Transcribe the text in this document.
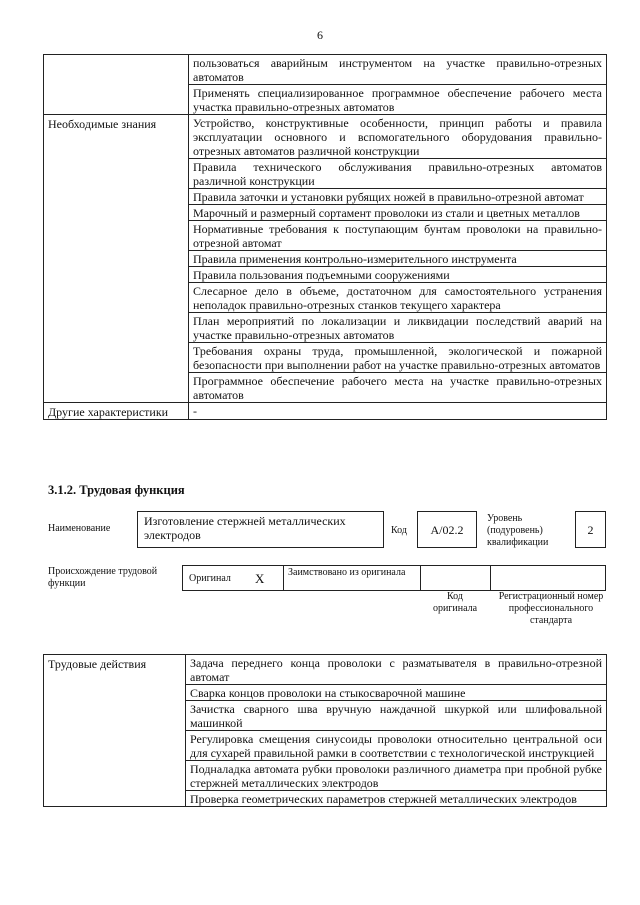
6
	пользоваться аварийным инструментом на участке правильно-отрезных автоматов
	Применять специализированное программное обеспечение рабочего места участка правильно-отрезных автоматов
Необходимые знания	Устройство, конструктивные особенности, принцип работы и правила эксплуатации основного и вспомогательного оборудования правильно-отрезных автоматов различной конструкции
	Правила технического обслуживания правильно-отрезных автоматов различной конструкции
	Правила заточки и установки рубящих ножей в правильно-отрезной автомат
	Марочный и размерный сортамент проволоки из стали и цветных металлов
	Нормативные требования к поступающим бунтам проволоки на правильно-отрезной автомат
	Правила применения контрольно-измерительного инструмента
	Правила пользования подъемными сооружениями
	Слесарное дело в объеме, достаточном для самостоятельного устранения неполадок правильно-отрезных станков текущего характера
	План мероприятий по локализации и ликвидации последствий аварий на участке правильно-отрезных автоматов
	Требования охраны труда, промышленной, экологической и пожарной безопасности при выполнении работ на участке правильно-отрезных автоматов
	Программное обеспечение рабочего места на участке правильно-отрезных автоматов
Другие характеристики	-
3.1.2. Трудовая функция
Наименование
Изготовление стержней металлических электродов	Код	А/02.2
Уровень (подуровень) квалификации
2
Происхождение трудовой функции	Оригинал X Заимствовано из оригинала
Код оригинала
Регистрационный номер профессионального стандарта
Трудовые действия	Задача переднего конца проволоки с разматывателя в правильно-отрезной автомат
Сварка концов проволоки на стыкосварочной машине
Зачистка сварного шва вручную наждачной шкуркой или шлифовальной машинкой
Регулировка смещения синусоиды проволоки относительно центральной оси для сухарей правильной рамки в соответствии с технологической инструкцией
Подналадка автомата рубки проволоки различного диаметра при пробной рубке стержней металлических электродов
Проверка геометрических параметров стержней металлических электродов
